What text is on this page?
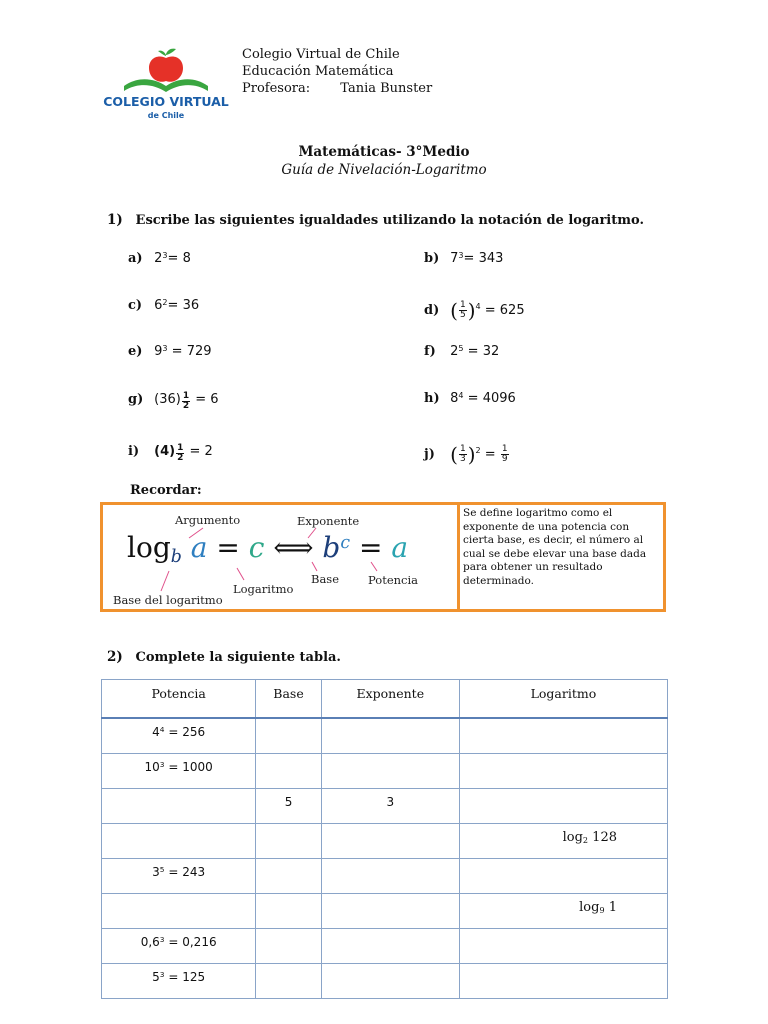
COLEGIO VIRTUAL
de Chile
Colegio Virtual de Chile
Educación Matemática
Profesora: Tania Bunster
Matemáticas- 3°Medio
Guía de Nivelación-Logaritmo
1) Escribe las siguientes igualdades utilizando la notación de logaritmo.
a) $2^3= 8$	b) $7^3= 343$
c) $6^2= 36$	d) ( $\frac{1}{5} )^4 = 625$
e) $9^3 = 729$	f) $2^5 = 32$
g) $(36) \frac{1}{2} = 6$	h) $8^4 = 4096$
i) $(4) \frac{1}{2} = 2$	j) ( $\frac{1}{3} )^2 = \frac{1}{9}$
Recordar:
Argumento	Exponente
Base del logaritmo
Logaritmo
Base	Potencia
$\log_b a = c$ ⟺ $b^c = a$
Se define logaritmo como el exponente de una potencia con cierta base, es decir, el número al cual se debe elevar una base dada para obtener un resultado determinado.
2) Complete la siguiente tabla.
Potencia	Base	Exponente	Logaritmo
$4^4 = 256$			
$10^3 = 1000$			
	5	3	
			$\log_2 128$
$3^5 = 243$			
			$\log_9 1$
$0,6^3 = 0,216$			
$5^3 = 125$			
